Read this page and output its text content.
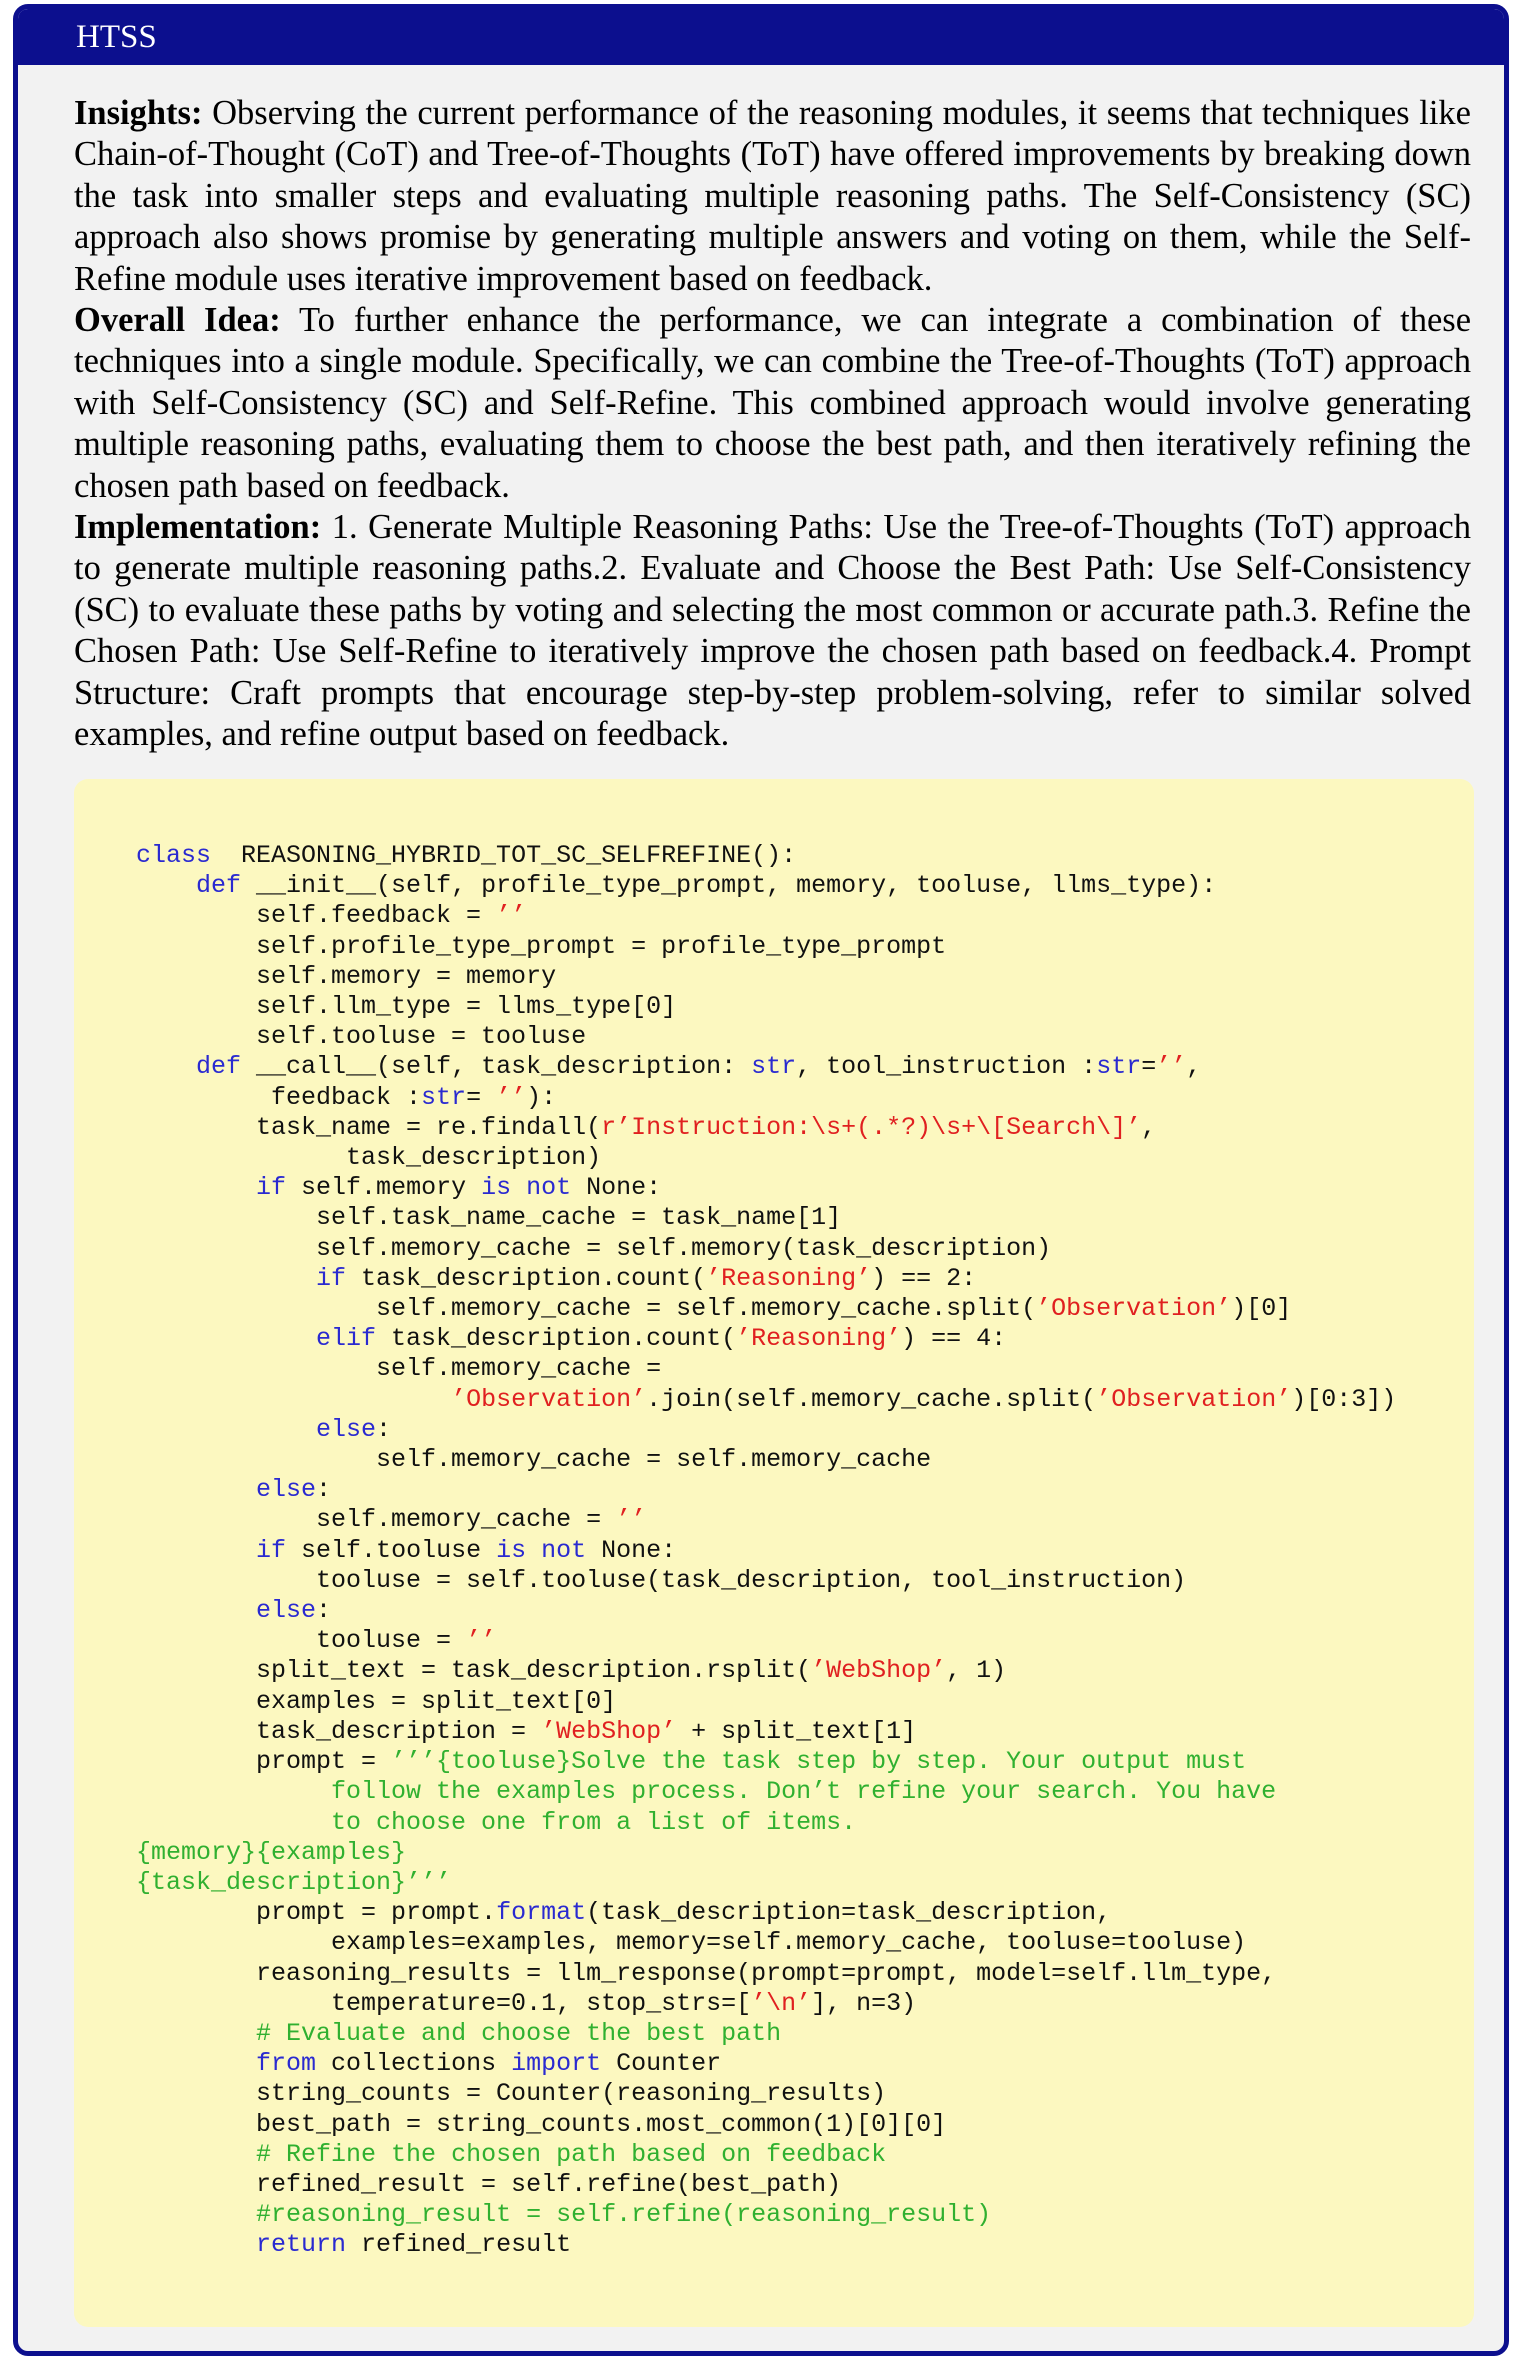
HTSS

Insights: Observing the current performance of the reasoning modules, it seems that techniques like Chain-of-Thought (CoT) and Tree-of-Thoughts (ToT) have offered improvements by breaking down the task into smaller steps and evaluating multiple reasoning paths. The Self-Consistency (SC) approach also shows promise by generating multiple answers and voting on them, while the Self-Refine module uses iterative improvement based on feedback.

Overall Idea: To further enhance the performance, we can integrate a combination of these techniques into a single module. Specifically, we can combine the Tree-of-Thoughts (ToT) approach with Self-Consistency (SC) and Self-Refine. This combined approach would involve generating multiple reasoning paths, evaluating them to choose the best path, and then iteratively refining the chosen path based on feedback.

Implementation: 1. Generate Multiple Reasoning Paths: Use the Tree-of-Thoughts (ToT) approach to generate multiple reasoning paths.2. Evaluate and Choose the Best Path: Use Self-Consistency (SC) to evaluate these paths by voting and selecting the most common or accurate path.3. Refine the Chosen Path: Use Self-Refine to iteratively improve the chosen path based on feedback.4. Prompt Structure: Craft prompts that encourage step-by-step problem-solving, refer to similar solved examples, and refine output based on feedback.

class  REASONING_HYBRID_TOT_SC_SELFREFINE():
def __init__(self, profile_type_prompt, memory, tooluse, llms_type):
self.feedback = ’’
self.profile_type_prompt = profile_type_prompt
self.memory = memory
self.llm_type = llms_type[0]
self.tooluse = tooluse
def __call__(self, task_description: str, tool_instruction :str=’’,
feedback :str= ’’):
task_name = re.findall(r’Instruction:\s+(.*?)\s+\[Search\]’,
task_description)
if self.memory is not None:
self.task_name_cache = task_name[1]
self.memory_cache = self.memory(task_description)
if task_description.count(’Reasoning’) == 2:
self.memory_cache = self.memory_cache.split(’Observation’)[0]
elif task_description.count(’Reasoning’) == 4:
self.memory_cache =
’Observation’.join(self.memory_cache.split(’Observation’)[0:3])
else:
self.memory_cache = self.memory_cache
else:
self.memory_cache = ’’
if self.tooluse is not None:
tooluse = self.tooluse(task_description, tool_instruction)
else:
tooluse = ’’
split_text = task_description.rsplit(’WebShop’, 1)
examples = split_text[0]
task_description = ’WebShop’ + split_text[1]
prompt = ’’’{tooluse}Solve the task step by step. Your output must
follow the examples process. Don’t refine your search. You have
to choose one from a list of items.
{memory}{examples}
{task_description}’’’
prompt = prompt.format(task_description=task_description,
examples=examples, memory=self.memory_cache, tooluse=tooluse)
reasoning_results = llm_response(prompt=prompt, model=self.llm_type,
temperature=0.1, stop_strs=[’\n’], n=3)
# Evaluate and choose the best path
from collections import Counter
string_counts = Counter(reasoning_results)
best_path = string_counts.most_common(1)[0][0]
# Refine the chosen path based on feedback
refined_result = self.refine(best_path)
#reasoning_result = self.refine(reasoning_result)
return refined_result
